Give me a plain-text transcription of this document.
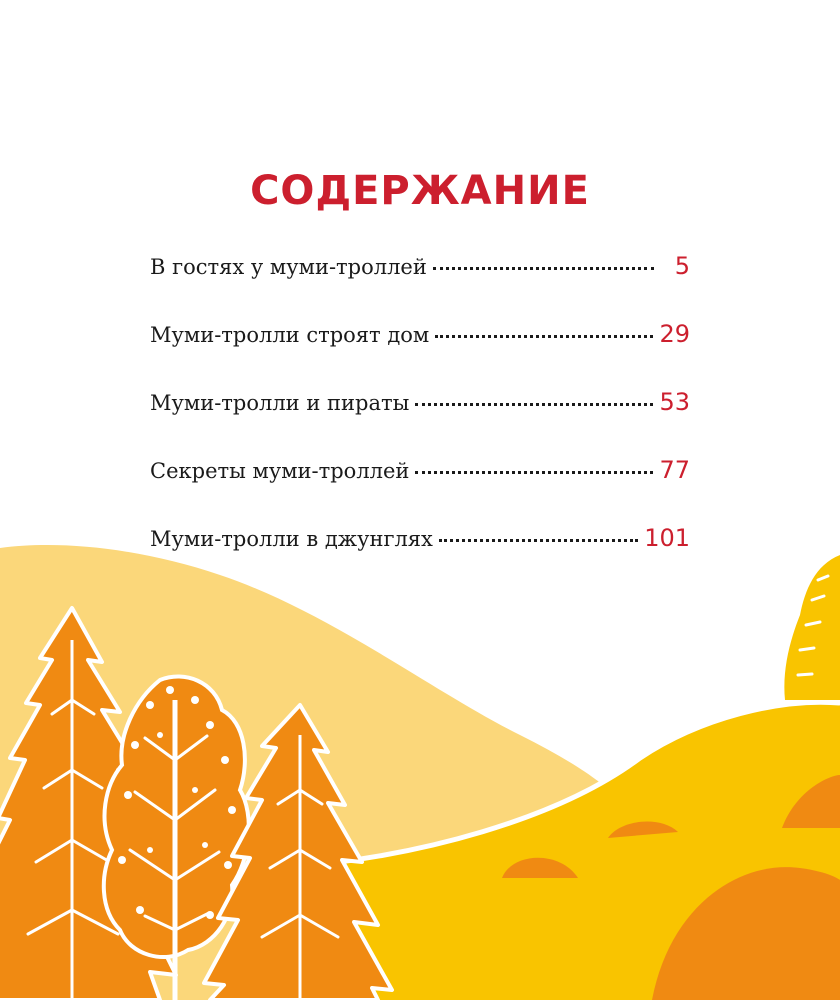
СОДЕРЖАНИЕ
В гостях у муми-троллей	5
Муми-тролли строят дом	29
Муми-тролли и пираты	53
Секреты муми-троллей	77
Муми-тролли в джунглях	101
